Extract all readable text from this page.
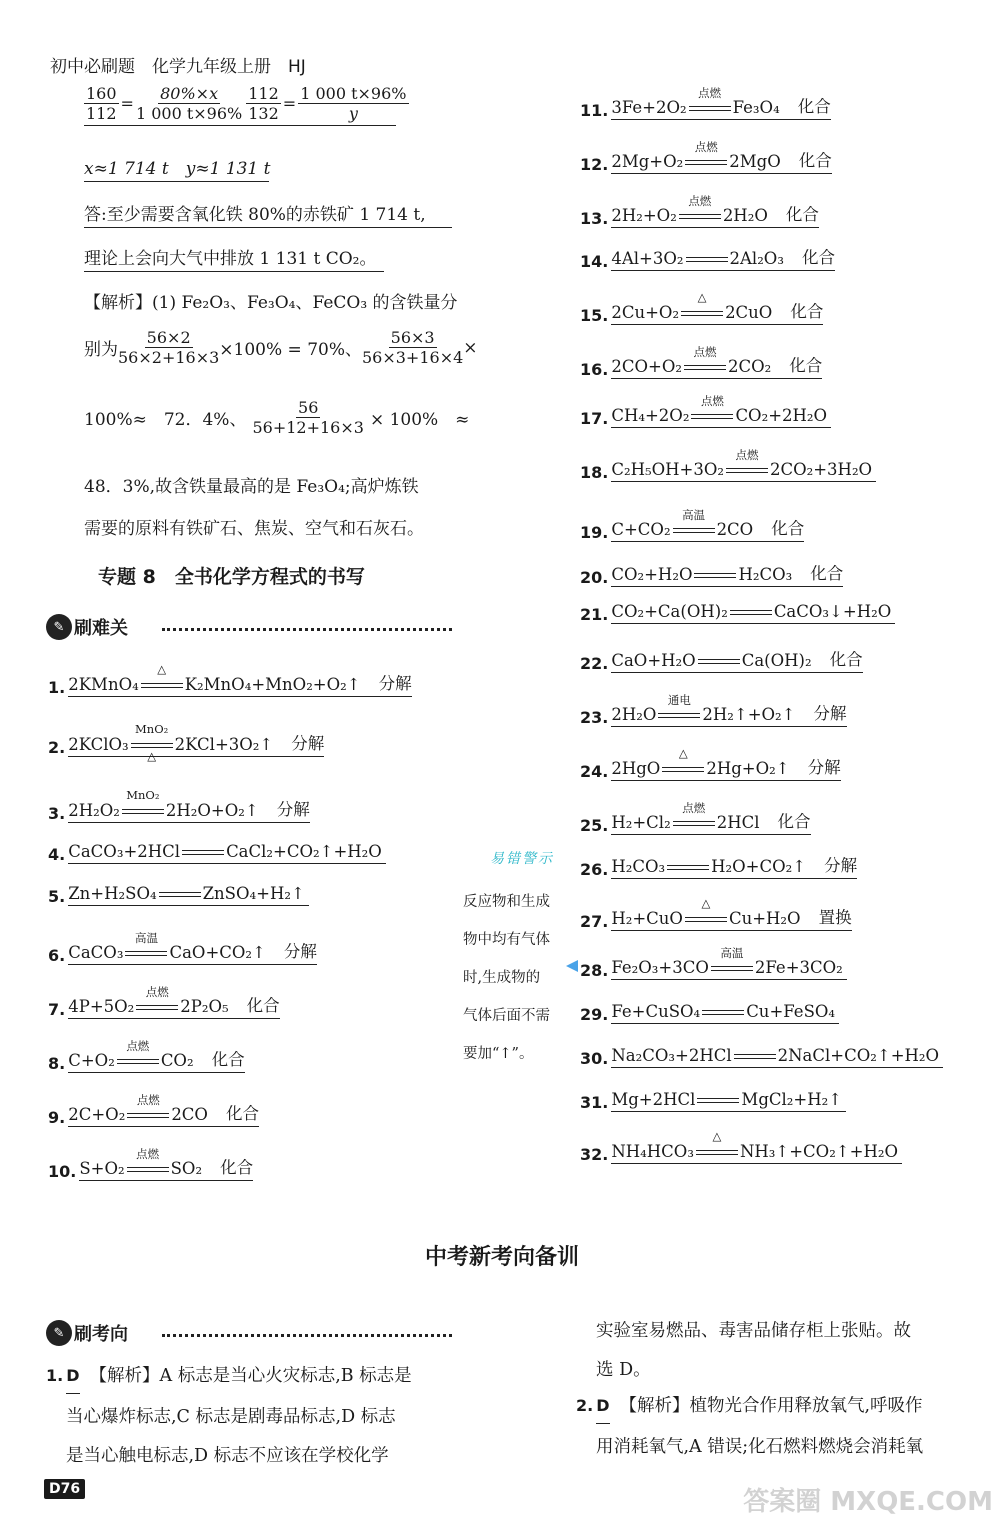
初中必刷题　化学九年级上册　HJ
$\frac{160}{112} = \frac{80\%\times x}{1 000 t\times 96\%} \frac{112}{132} = \frac{1 000 t\times 96\%}{y}$
x≈1 714 t　y≈1 131 t
答:至少需要含氧化铁 80%的赤铁矿 1 714 t,
理论上会向大气中排放 1 131 t CO₂。
【解析】(1) Fe₂O₃、Fe₃O₄、FeCO₃ 的含铁量分
别为 $\frac{56\times 2}{56\times 2+16\times 3} \times 100\% = 70\%$、 $\frac{56\times 3}{56\times 3+16\times 4}$ ×
100%≈　72．4%、 $\frac{56}{56+12+16\times 3} \times 100\%$　≈
48．3%,故含铁量最高的是 Fe₃O₄;高炉炼铁
需要的原料有铁矿石、焦炭、空气和石灰石。
专题 8　全书化学方程式的书写
✎ 刷难关
1. 2KMnO₄
△
K₂MnO₄+MnO₂+O₂↑ 分解
2. 2KClO₃
MnO₂
△
2KCl+3O₂↑ 分解
3. 2H₂O₂
MnO₂
2H₂O+O₂↑ 分解
4. CaCO₃+2HCl	CaCl₂+CO₂↑+H₂O
5. Zn+H₂SO₄	ZnSO₄+H₂↑
6. CaCO₃
高温
CaO+CO₂↑ 分解
7. 4P+5O₂
点燃
2P₂O₅ 化合
8. C+O₂
点燃
CO₂ 化合
9. 2C+O₂
点燃
2CO 化合
10. S+O₂
点燃
SO₂ 化合
11. 3Fe+2O₂
点燃
Fe₃O₄ 化合
12. 2Mg+O₂
点燃
2MgO 化合
13. 2H₂+O₂
点燃
2H₂O 化合
14. 4Al+3O₂	2Al₂O₃ 化合
15. 2Cu+O₂
△
2CuO 化合
16. 2CO+O₂
点燃
2CO₂ 化合
17. CH₄+2O₂
点燃
CO₂+2H₂O
18. C₂H₅OH+3O₂
点燃
2CO₂+3H₂O
19. C+CO₂
高温
2CO 化合
20. CO₂+H₂O	H₂CO₃ 化合
21. CO₂+Ca(OH)₂	CaCO₃↓+H₂O
22. CaO+H₂O	Ca(OH)₂ 化合
23. 2H₂O
通电
2H₂↑+O₂↑ 分解
24. 2HgO
△
2Hg+O₂↑ 分解
25. H₂+Cl₂
点燃
2HCl 化合
26. H₂CO₃	H₂O+CO₂↑ 分解
27. H₂+CuO
△
Cu+H₂O 置换
28. Fe₂O₃+3CO
高温
2Fe+3CO₂
29. Fe+CuSO₄	Cu+FeSO₄
30. Na₂CO₃+2HCl	2NaCl+CO₂↑+H₂O
31. Mg+2HCl	MgCl₂+H₂↑
32. NH₄HCO₃
△
NH₃↑+CO₂↑+H₂O
易错警示
反应物和生成
物中均有气体
时,生成物的
气体后面不需
要加“↑”。
中考新考向备训
✎ 刷考向
1. D 【解析】A 标志是当心火灾标志,B 标志是
当心爆炸标志,C 标志是剧毒品标志,D 标志
是当心触电标志,D 标志不应该在学校化学
实验室易燃品、毒害品储存柜上张贴。故
选 D。
2. D 【解析】植物光合作用释放氧气,呼吸作
用消耗氧气,A 错误;化石燃料燃烧会消耗氧
D76	答案圈 MXQE.COM
